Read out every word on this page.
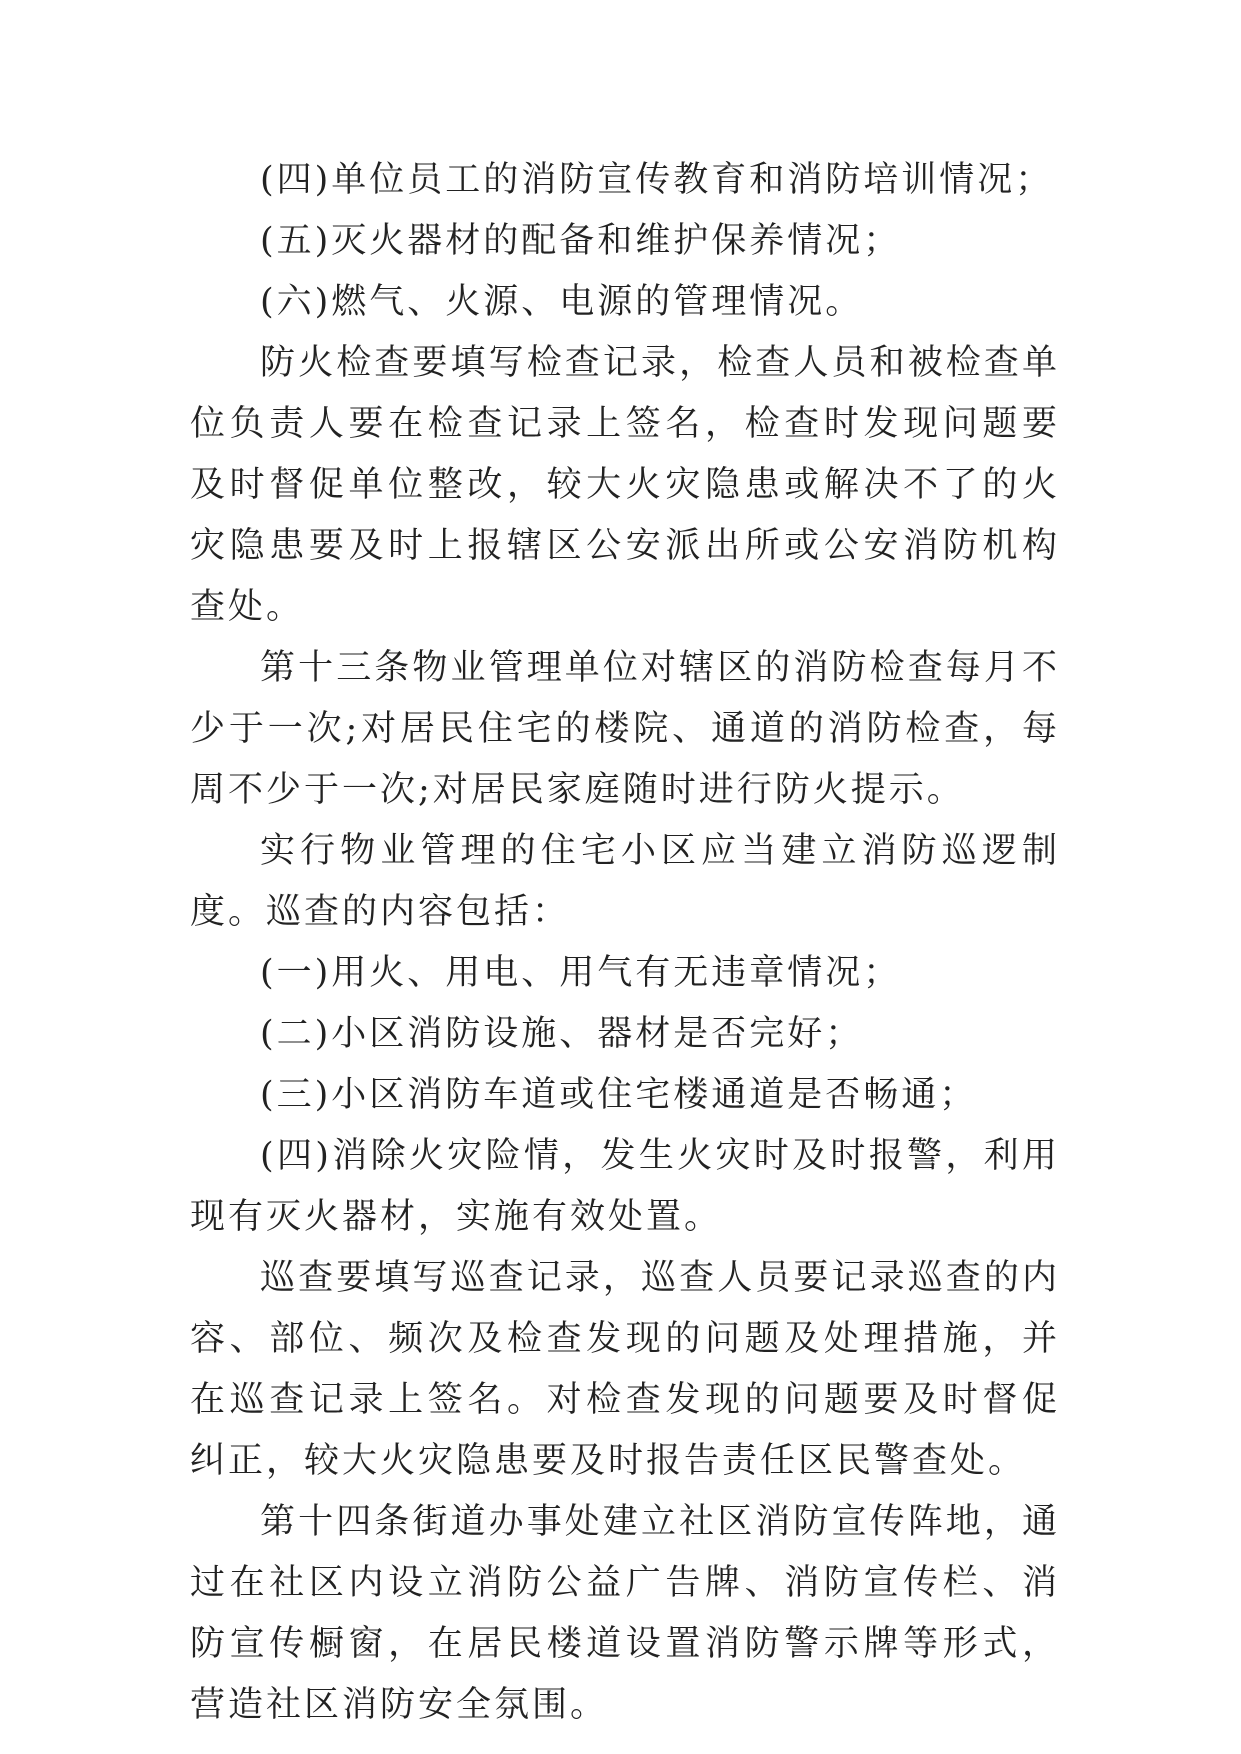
(四)单位员工的消防宣传教育和消防培训情况；

(五)灭火器材的配备和维护保养情况；

(六)燃气、火源、电源的管理情况。

防火检查要填写检查记录，检查人员和被检查单位负责人要在检查记录上签名，检查时发现问题要及时督促单位整改，较大火灾隐患或解决不了的火灾隐患要及时上报辖区公安派出所或公安消防机构查处。

第十三条物业管理单位对辖区的消防检查每月不少于一次;对居民住宅的楼院、通道的消防检查，每周不少于一次;对居民家庭随时进行防火提示。

实行物业管理的住宅小区应当建立消防巡逻制度。巡查的内容包括：

(一)用火、用电、用气有无违章情况；

(二)小区消防设施、器材是否完好；

(三)小区消防车道或住宅楼通道是否畅通；

(四)消除火灾险情，发生火灾时及时报警，利用现有灭火器材，实施有效处置。

巡查要填写巡查记录，巡查人员要记录巡查的内容、部位、频次及检查发现的问题及处理措施，并在巡查记录上签名。对检查发现的问题要及时督促纠正，较大火灾隐患要及时报告责任区民警查处。

第十四条街道办事处建立社区消防宣传阵地，通过在社区内设立消防公益广告牌、消防宣传栏、消防宣传橱窗，在居民楼道设置消防警示牌等形式，营造社区消防安全氛围。
